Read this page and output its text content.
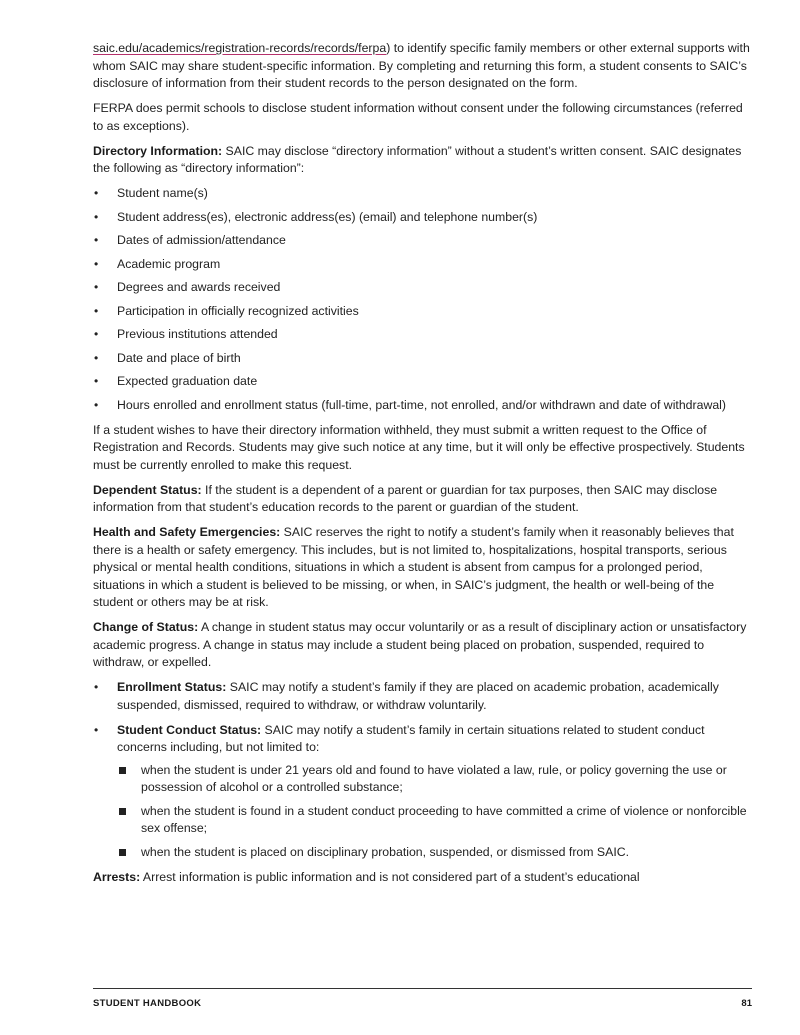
saic.edu/academics/registration-records/records/ferpa) to identify specific family members or other external supports with whom SAIC may share student-specific information. By completing and returning this form, a student consents to SAIC’s disclosure of information from their student records to the person designated on the form.

FERPA does permit schools to disclose student information without consent under the following circumstances (referred to as exceptions).

Directory Information: SAIC may disclose “directory information” without a student’s written consent. SAIC designates the following as “directory information”:

•	Student name(s)
•	Student address(es), electronic address(es) (email) and telephone number(s)
•	Dates of admission/attendance
•	Academic program
•	Degrees and awards received
•	Participation in officially recognized activities
•	Previous institutions attended
•	Date and place of birth
•	Expected graduation date
•	Hours enrolled and enrollment status (full-time, part-time, not enrolled, and/or withdrawn and date of withdrawal)

If a student wishes to have their directory information withheld, they must submit a written request to the Office of Registration and Records. Students may give such notice at any time, but it will only be effective prospectively. Students must be currently enrolled to make this request.

Dependent Status: If the student is a dependent of a parent or guardian for tax purposes, then SAIC may disclose information from that student’s education records to the parent or guardian of the student.

Health and Safety Emergencies: SAIC reserves the right to notify a student’s family when it reasonably believes that there is a health or safety emergency. This includes, but is not limited to, hospitalizations, hospital transports, serious physical or mental health conditions, situations in which a student is absent from campus for a prolonged period, situations in which a student is believed to be missing, or when, in SAIC’s judgment, the health or well-being of the student or others may be at risk.

Change of Status: A change in student status may occur voluntarily or as a result of disciplinary action or unsatisfactory academic progress. A change in status may include a student being placed on probation, suspended, required to withdraw, or expelled.

•	Enrollment Status: SAIC may notify a student’s family if they are placed on academic probation, academically suspended, dismissed, required to withdraw, or withdraw voluntarily.
•	Student Conduct Status: SAIC may notify a student’s family in certain situations related to student conduct concerns including, but not limited to:
when the student is under 21 years old and found to have violated a law, rule, or policy governing the use or possession of alcohol or a controlled substance;
when the student is found in a student conduct proceeding to have committed a crime of violence or nonforcible sex offense;
when the student is placed on disciplinary probation, suspended, or dismissed from SAIC.

Arrests: Arrest information is public information and is not considered part of a student’s educational

STUDENT HANDBOOK	81
